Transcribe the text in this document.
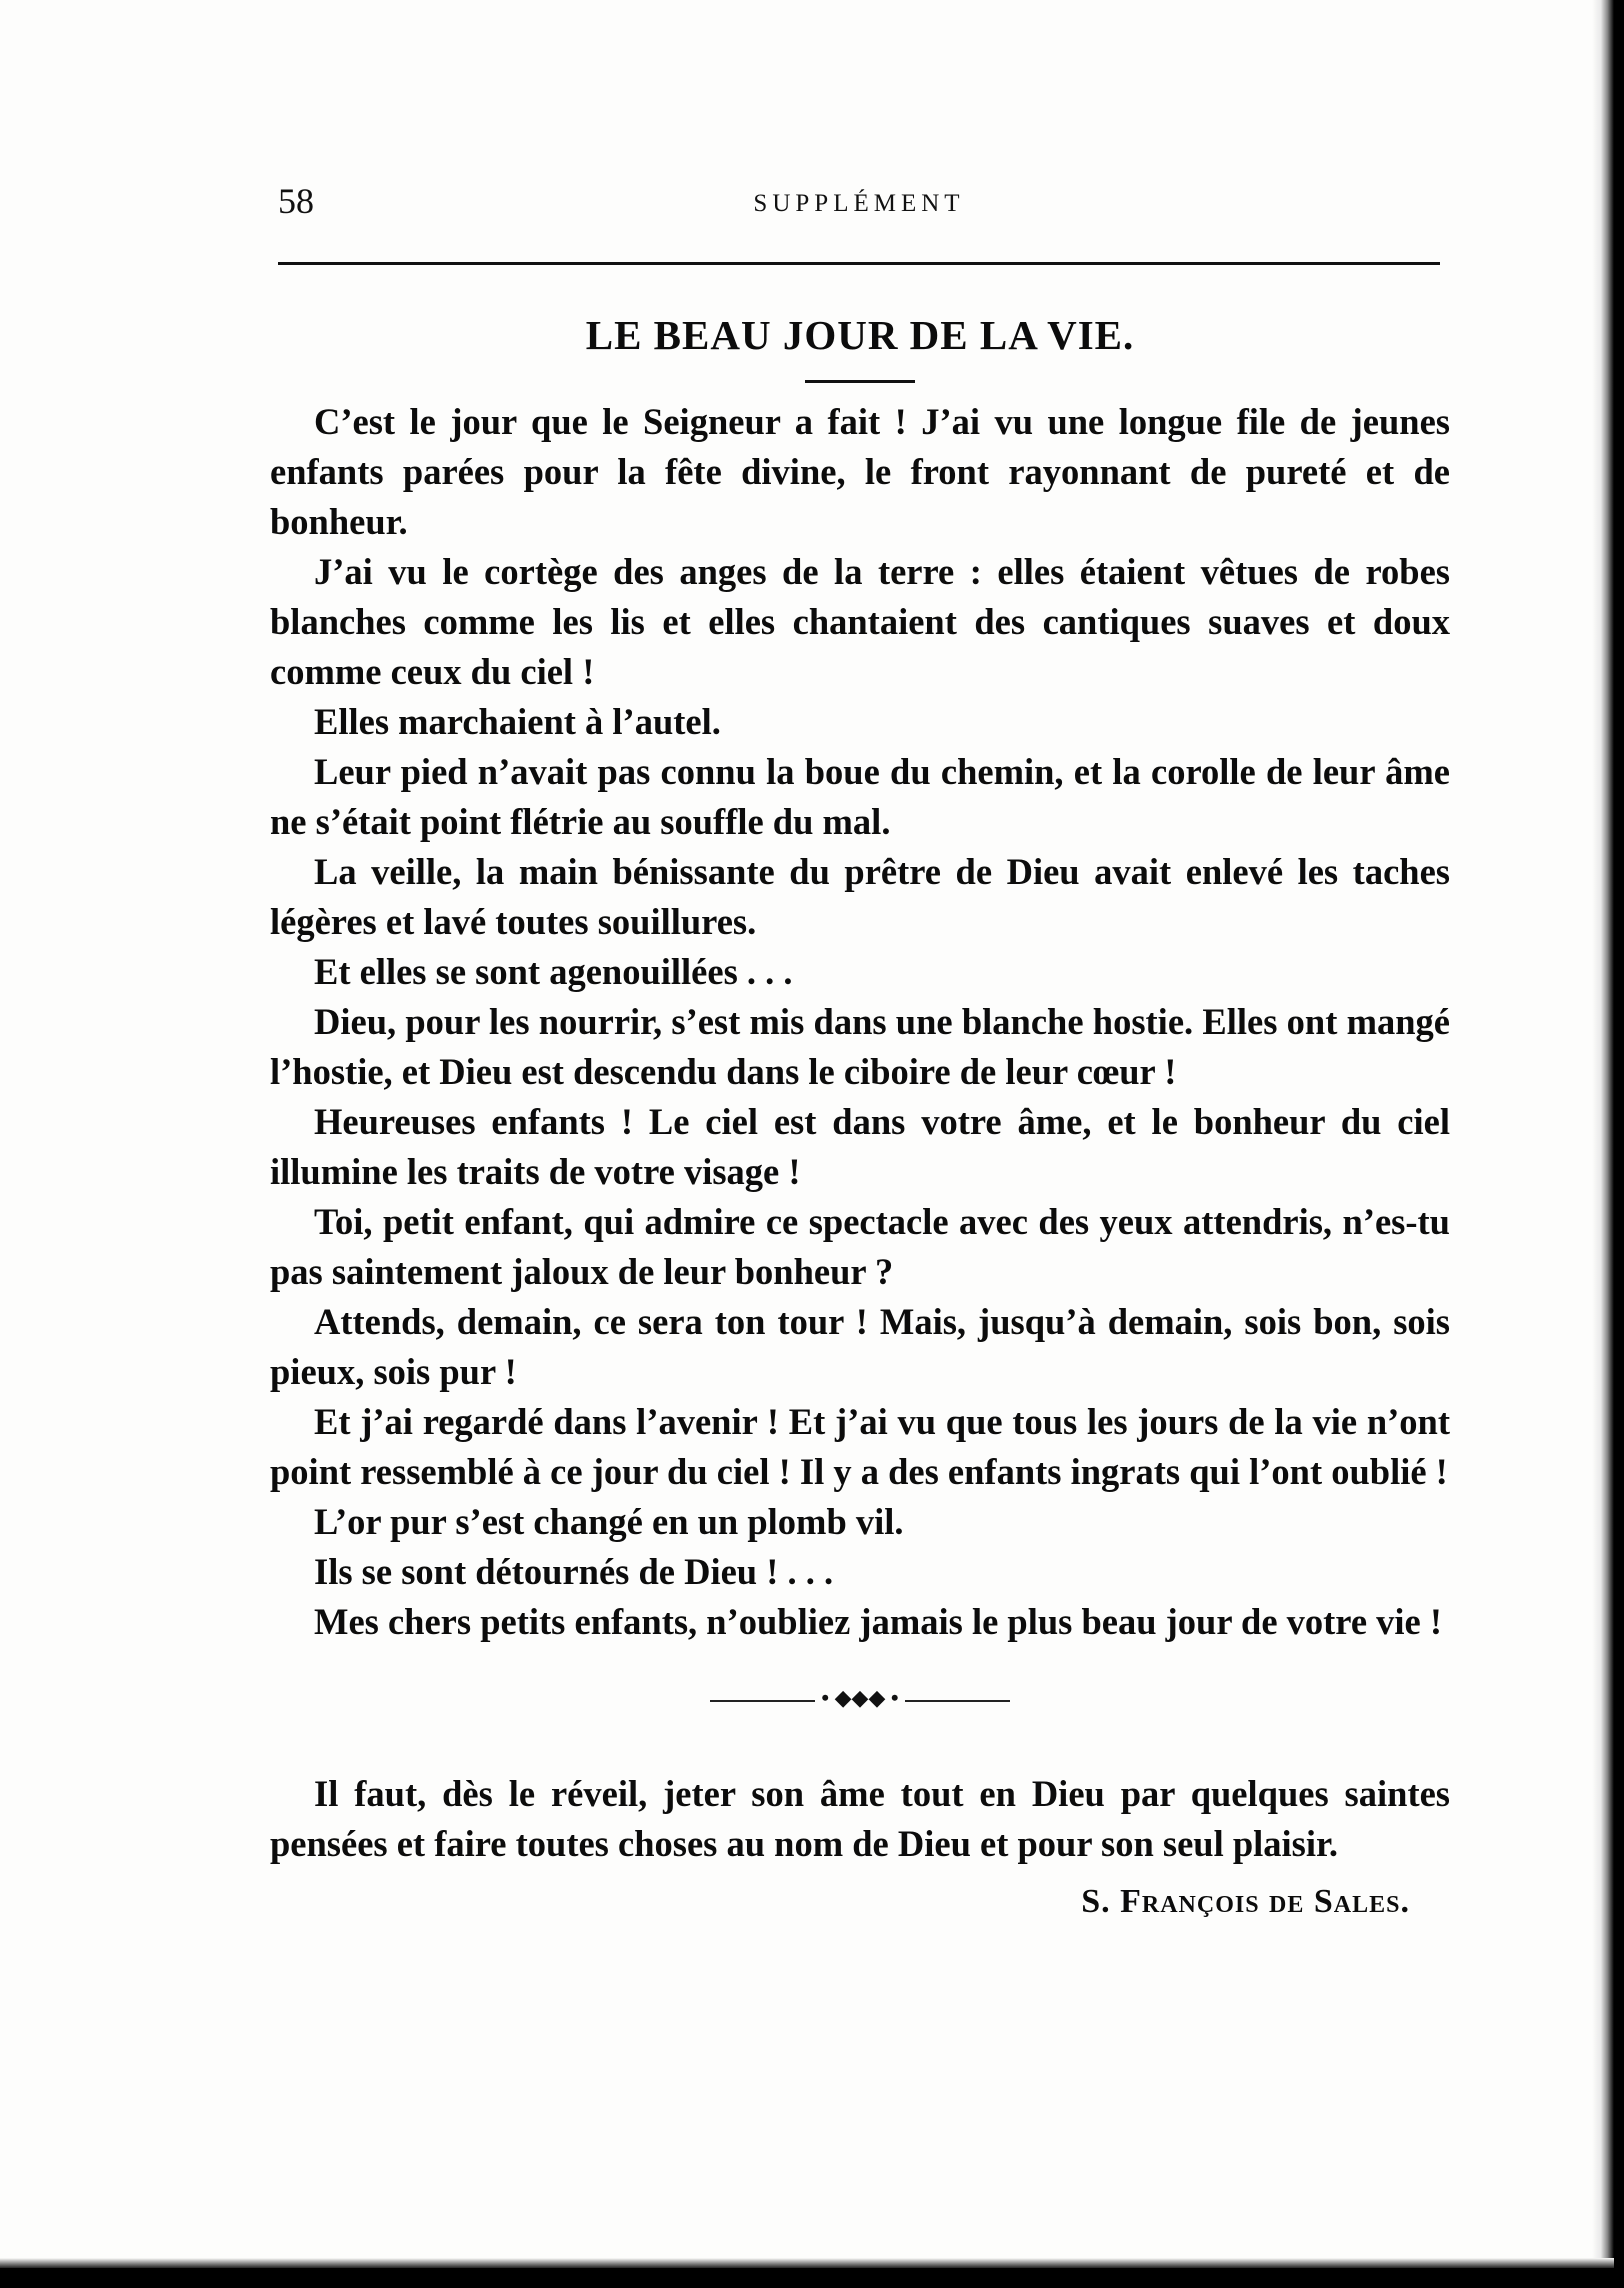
58	SUPPLÉMENT
LE BEAU JOUR DE LA VIE.

C’est le jour que le Seigneur a fait ! J’ai vu une longue file de jeunes enfants parées pour la fête divine, le front rayonnant de pureté et de bonheur.

J’ai vu le cortège des anges de la terre : elles étaient vêtues de robes blanches comme les lis et elles chantaient des cantiques suaves et doux comme ceux du ciel !

Elles marchaient à l’autel.

Leur pied n’avait pas connu la boue du chemin, et la corolle de leur âme ne s’était point flétrie au souffle du mal.

La veille, la main bénissante du prêtre de Dieu avait enlevé les taches légères et lavé toutes souillures.

Et elles se sont agenouillées . . .

Dieu, pour les nourrir, s’est mis dans une blanche hostie. Elles ont mangé l’hostie, et Dieu est descendu dans le ciboire de leur cœur !

Heureuses enfants ! Le ciel est dans votre âme, et le bonheur du ciel illumine les traits de votre visage !

Toi, petit enfant, qui admire ce spectacle avec des yeux attendris, n’es-tu pas saintement jaloux de leur bonheur ?

Attends, demain, ce sera ton tour ! Mais, jusqu’à demain, sois bon, sois pieux, sois pur !

Et j’ai regardé dans l’avenir ! Et j’ai vu que tous les jours de la vie n’ont point ressemblé à ce jour du ciel ! Il y a des enfants ingrats qui l’ont oublié !

L’or pur s’est changé en un plomb vil.

Ils se sont détournés de Dieu ! . . .

Mes chers petits enfants, n’oubliez jamais le plus beau jour de votre vie !

• ◆◆◆ •

Il faut, dès le réveil, jeter son âme tout en Dieu par quelques saintes pensées et faire toutes choses au nom de Dieu et pour son seul plaisir.

S. François de Sales.
